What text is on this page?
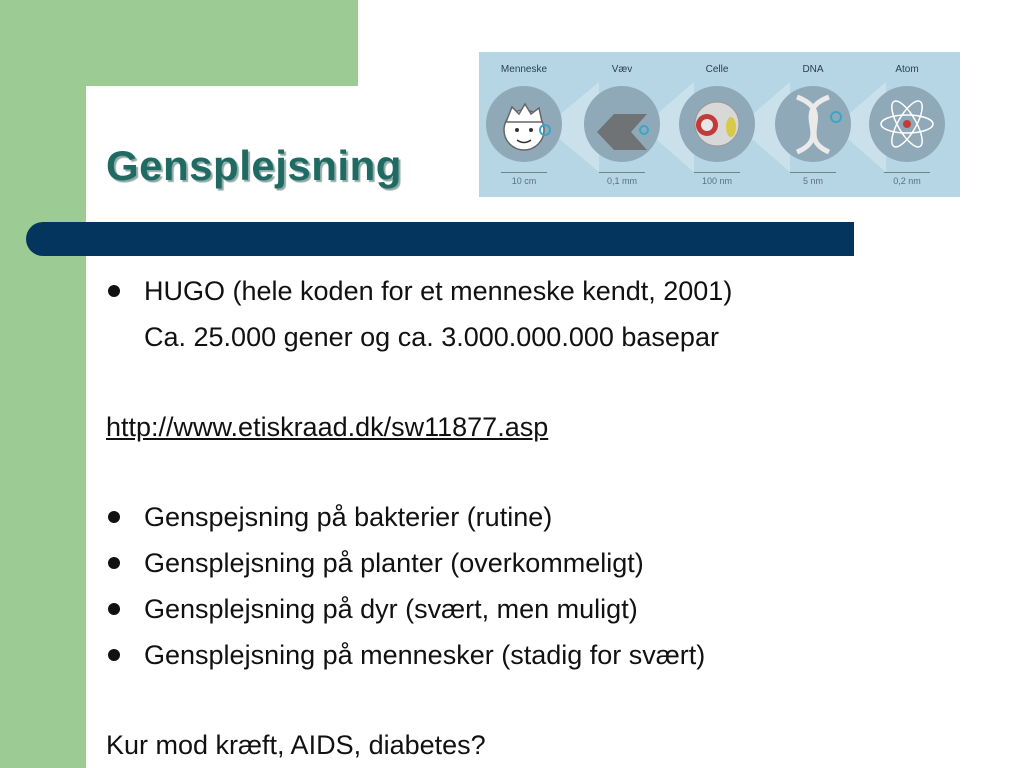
Gensplejsning
Menneske	Væv	Celle	DNA	Atom
10 cm	0,1 mm	100 nm	5 nm	0,2 nm
HUGO (hele koden for et menneske kendt, 2001)
Ca. 25.000 gener og ca. 3.000.000.000 basepar
http://www.etiskraad.dk/sw11877.asp
Genspejsning på bakterier (rutine)
Gensplejsning på planter (overkommeligt)
Gensplejsning på dyr (svært, men muligt)
Gensplejsning på mennesker (stadig for svært)
Kur mod kræft, AIDS, diabetes?
